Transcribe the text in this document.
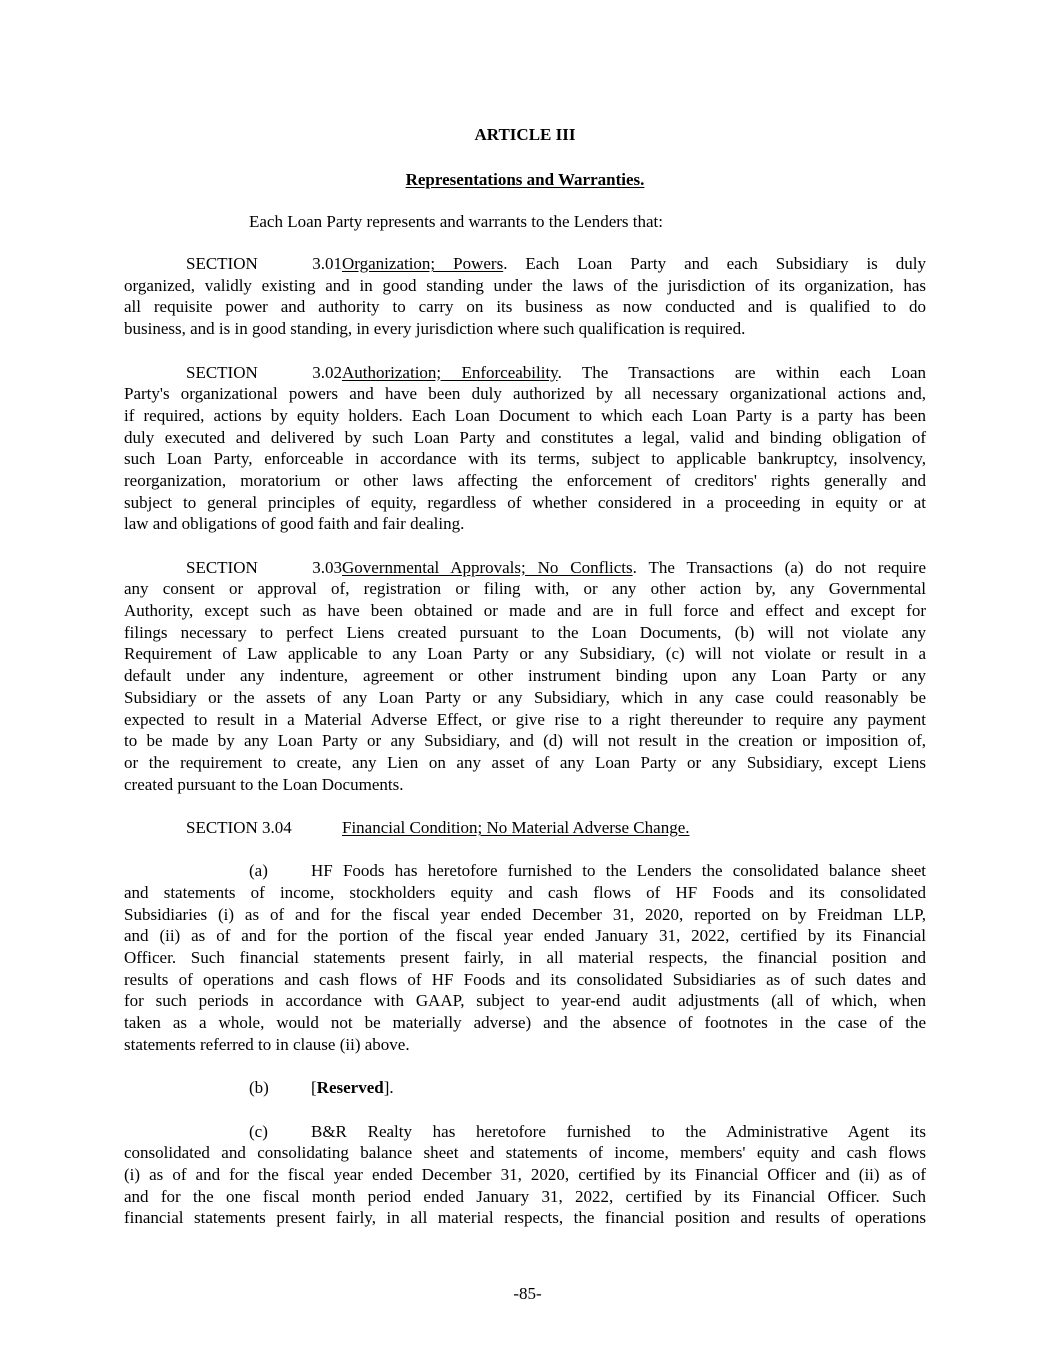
ARTICLE III
Representations and Warranties.
Each Loan Party represents and warrants to the Lenders that:
SECTION 3.01Organization; Powers. Each Loan Party and each Subsidiary is duly
organized, validly existing and in good standing under the laws of the jurisdiction of its organization, has
all requisite power and authority to carry on its business as now conducted and is qualified to do
business, and is in good standing, in every jurisdiction where such qualification is required.
SECTION 3.02Authorization; Enforceability. The Transactions are within each Loan
Party's organizational powers and have been duly authorized by all necessary organizational actions and,
if required, actions by equity holders. Each Loan Document to which each Loan Party is a party has been
duly executed and delivered by such Loan Party and constitutes a legal, valid and binding obligation of
such Loan Party, enforceable in accordance with its terms, subject to applicable bankruptcy, insolvency,
reorganization, moratorium or other laws affecting the enforcement of creditors' rights generally and
subject to general principles of equity, regardless of whether considered in a proceeding in equity or at
law and obligations of good faith and fair dealing.
SECTION 3.03Governmental Approvals; No Conflicts. The Transactions (a) do not require
any consent or approval of, registration or filing with, or any other action by, any Governmental
Authority, except such as have been obtained or made and are in full force and effect and except for
filings necessary to perfect Liens created pursuant to the Loan Documents, (b) will not violate any
Requirement of Law applicable to any Loan Party or any Subsidiary, (c) will not violate or result in a
default under any indenture, agreement or other instrument binding upon any Loan Party or any
Subsidiary or the assets of any Loan Party or any Subsidiary, which in any case could reasonably be
expected to result in a Material Adverse Effect, or give rise to a right thereunder to require any payment
to be made by any Loan Party or any Subsidiary, and (d) will not result in the creation or imposition of,
or the requirement to create, any Lien on any asset of any Loan Party or any Subsidiary, except Liens
created pursuant to the Loan Documents.
SECTION 3.04	Financial Condition; No Material Adverse Change.
(a)	HF Foods has heretofore furnished to the Lenders the consolidated balance sheet
and statements of income, stockholders equity and cash flows of HF Foods and its consolidated
Subsidiaries (i) as of and for the fiscal year ended December 31, 2020, reported on by Freidman LLP,
and (ii) as of and for the portion of the fiscal year ended January 31, 2022, certified by its Financial
Officer. Such financial statements present fairly, in all material respects, the financial position and
results of operations and cash flows of HF Foods and its consolidated Subsidiaries as of such dates and
for such periods in accordance with GAAP, subject to year-end audit adjustments (all of which, when
taken as a whole, would not be materially adverse) and the absence of footnotes in the case of the
statements referred to in clause (ii) above.
(b) [Reserved].
(c)	B&R Realty has heretofore furnished to the Administrative Agent its
consolidated and consolidating balance sheet and statements of income, members' equity and cash flows
(i) as of and for the fiscal year ended December 31, 2020, certified by its Financial Officer and (ii) as of
and for the one fiscal month period ended January 31, 2022, certified by its Financial Officer. Such
financial statements present fairly, in all material respects, the financial position and results of operations
-85-
